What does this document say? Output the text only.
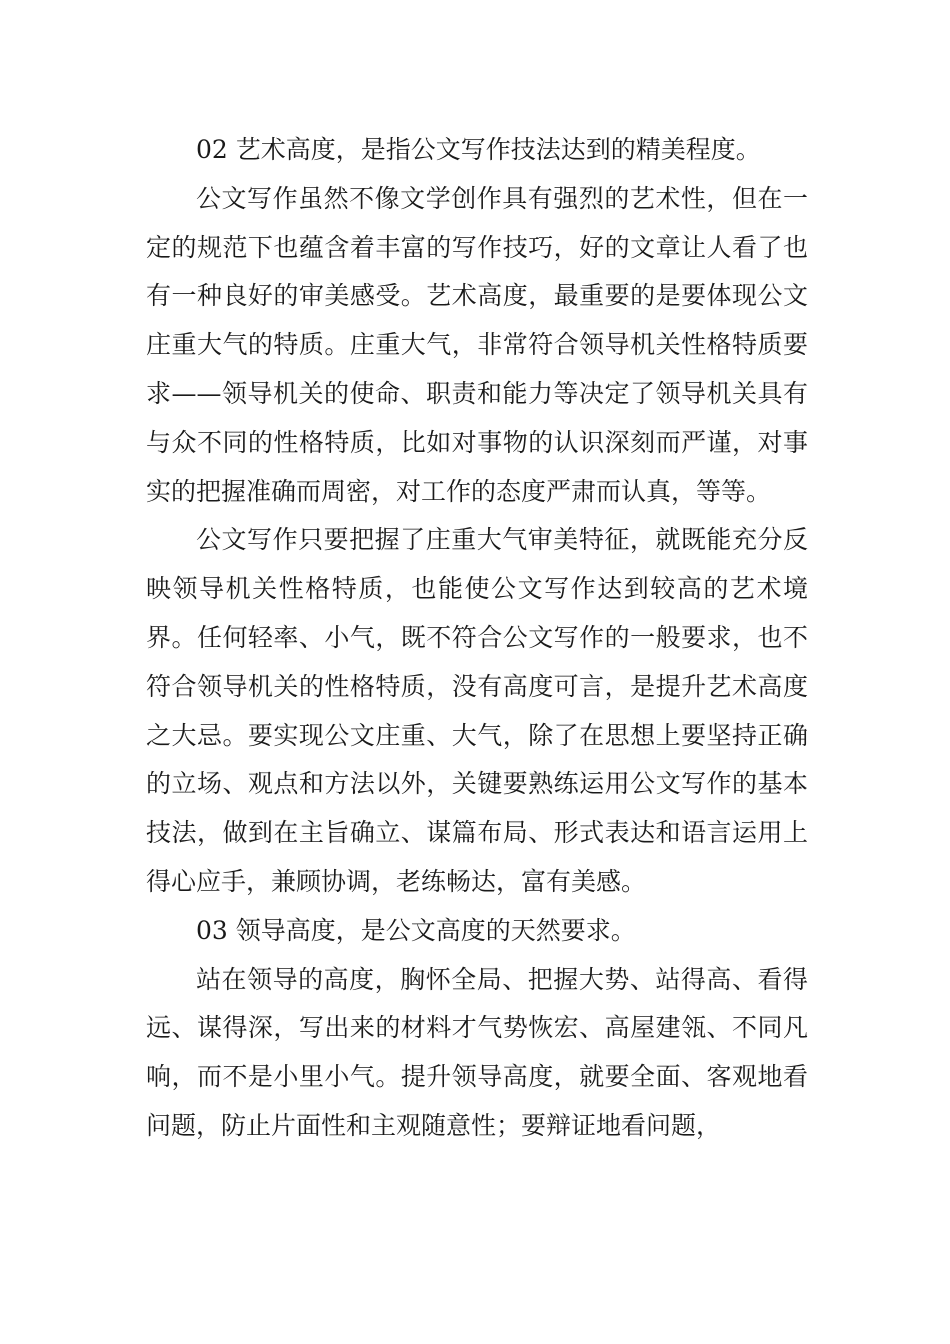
02 艺术高度，是指公文写作技法达到的精美程度。

公文写作虽然不像文学创作具有强烈的艺术性，但在一定的规范下也蕴含着丰富的写作技巧，好的文章让人看了也有一种良好的审美感受。艺术高度，最重要的是要体现公文庄重大气的特质。庄重大气，非常符合领导机关性格特质要求——领导机关的使命、职责和能力等决定了领导机关具有与众不同的性格特质，比如对事物的认识深刻而严谨，对事实的把握准确而周密，对工作的态度严肃而认真，等等。

公文写作只要把握了庄重大气审美特征，就既能充分反映领导机关性格特质，也能使公文写作达到较高的艺术境界。任何轻率、小气，既不符合公文写作的一般要求，也不符合领导机关的性格特质，没有高度可言，是提升艺术高度之大忌。要实现公文庄重、大气，除了在思想上要坚持正确的立场、观点和方法以外，关键要熟练运用公文写作的基本技法，做到在主旨确立、谋篇布局、形式表达和语言运用上得心应手，兼顾协调，老练畅达，富有美感。

03 领导高度，是公文高度的天然要求。

站在领导的高度，胸怀全局、把握大势、站得高、看得远、谋得深，写出来的材料才气势恢宏、高屋建瓴、不同凡响，而不是小里小气。提升领导高度，就要全面、客观地看问题，防止片面性和主观随意性；要辩证地看问题，
